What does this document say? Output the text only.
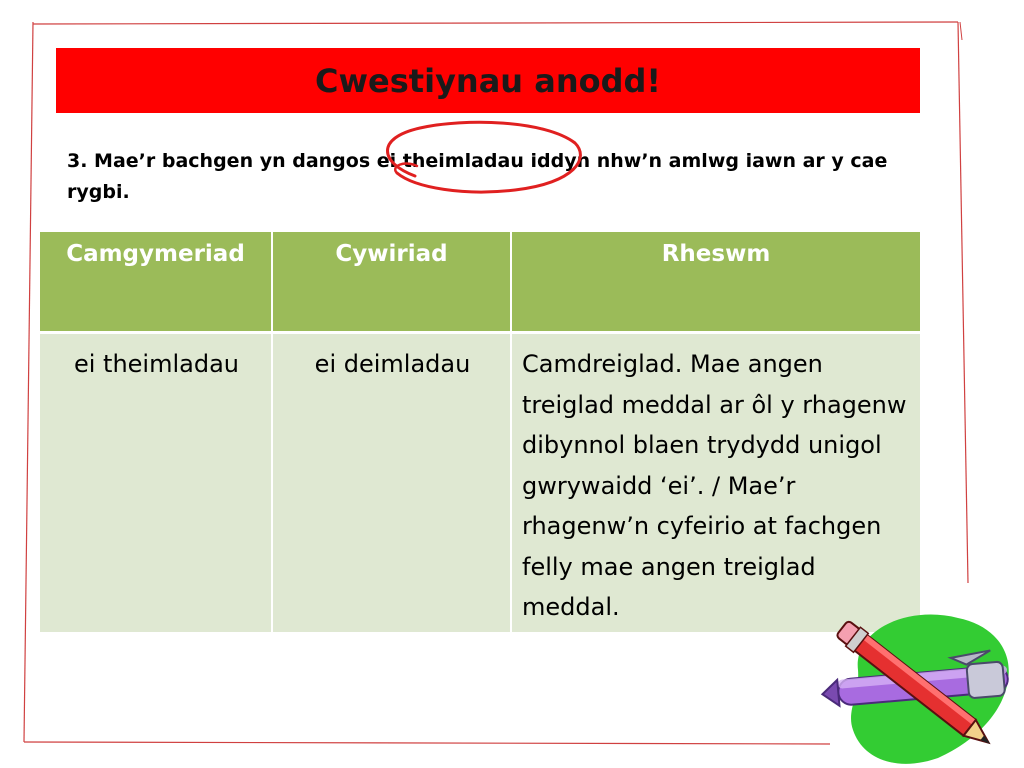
Cwestiynau anodd!
3. Mae’r bachgen yn dangos ei theimladau iddyn nhw’n amlwg iawn ar y cae rygbi.
Camgymeriad	Cywiriad	Rheswm
ei theimladau	ei deimladau	Camdreiglad. Mae angen treiglad meddal ar ôl y rhagenw dibynnol blaen trydydd unigol gwrywaidd ‘ei’. / Mae’r rhagenw’n cyfeirio at fachgen felly mae angen treiglad meddal.
